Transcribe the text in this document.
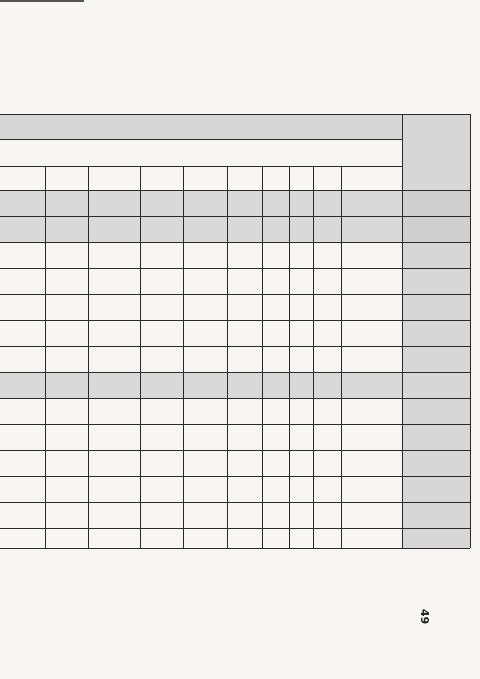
49
